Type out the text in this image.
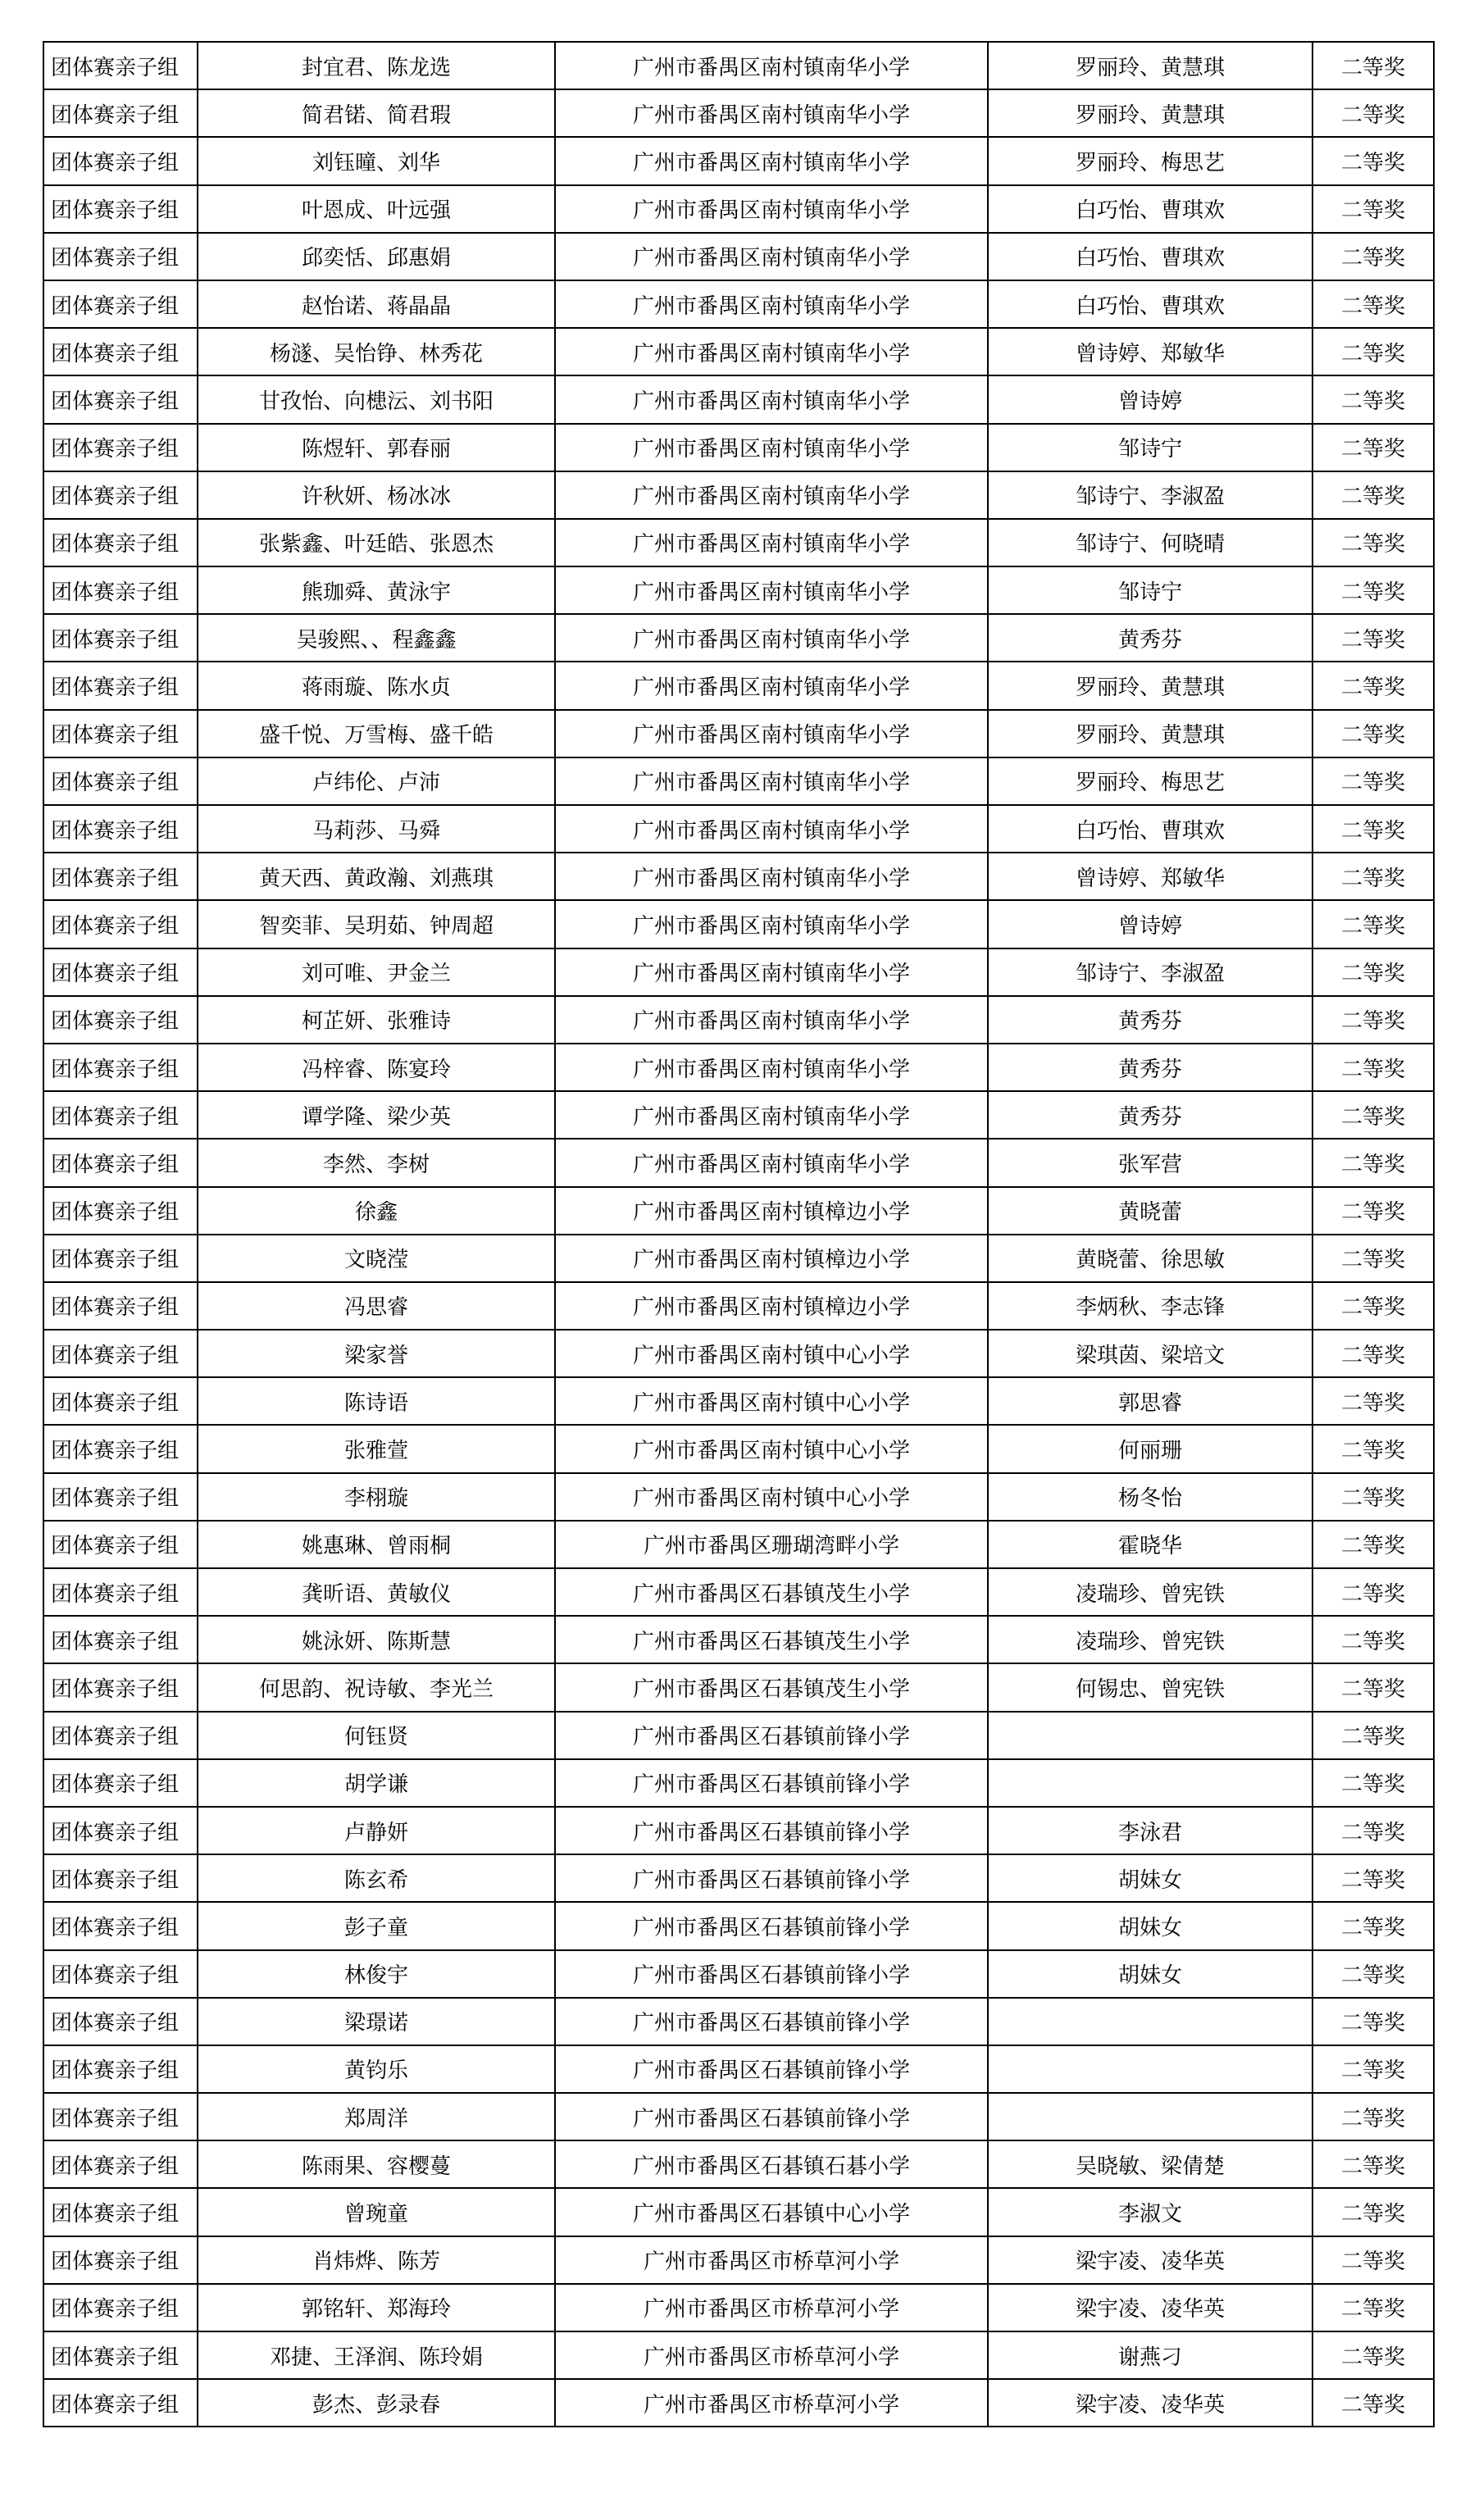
团体赛亲子组	封宜君、陈龙选	广州市番禺区南村镇南华小学	罗丽玲、黄慧琪	二等奖
团体赛亲子组	简君锘、简君瑕	广州市番禺区南村镇南华小学	罗丽玲、黄慧琪	二等奖
团体赛亲子组	刘钰曈、刘华	广州市番禺区南村镇南华小学	罗丽玲、梅思艺	二等奖
团体赛亲子组	叶恩成、叶远强	广州市番禺区南村镇南华小学	白巧怡、曹琪欢	二等奖
团体赛亲子组	邱奕恬、邱惠娟	广州市番禺区南村镇南华小学	白巧怡、曹琪欢	二等奖
团体赛亲子组	赵怡诺、蒋晶晶	广州市番禺区南村镇南华小学	白巧怡、曹琪欢	二等奖
团体赛亲子组	杨澻、吴怡铮、林秀花	广州市番禺区南村镇南华小学	曾诗婷、郑敏华	二等奖
团体赛亲子组	甘孜怡、向槵沄、刘书阳	广州市番禺区南村镇南华小学	曾诗婷	二等奖
团体赛亲子组	陈煜轩、郭春丽	广州市番禺区南村镇南华小学	邹诗宁	二等奖
团体赛亲子组	许秋妍、杨冰冰	广州市番禺区南村镇南华小学	邹诗宁、李淑盈	二等奖
团体赛亲子组	张紫鑫、叶廷皓、张恩杰	广州市番禺区南村镇南华小学	邹诗宁、何晓晴	二等奖
团体赛亲子组	熊珈舜、黄泳宇	广州市番禺区南村镇南华小学	邹诗宁	二等奖
团体赛亲子组	吴骏熙、、程鑫鑫	广州市番禺区南村镇南华小学	黄秀芬	二等奖
团体赛亲子组	蒋雨璇、陈水贞	广州市番禺区南村镇南华小学	罗丽玲、黄慧琪	二等奖
团体赛亲子组	盛千悦、万雪梅、盛千皓	广州市番禺区南村镇南华小学	罗丽玲、黄慧琪	二等奖
团体赛亲子组	卢纬伦、卢沛	广州市番禺区南村镇南华小学	罗丽玲、梅思艺	二等奖
团体赛亲子组	马莉莎、马舜	广州市番禺区南村镇南华小学	白巧怡、曹琪欢	二等奖
团体赛亲子组	黄天西、黄政瀚、刘燕琪	广州市番禺区南村镇南华小学	曾诗婷、郑敏华	二等奖
团体赛亲子组	智奕菲、吴玥茹、钟周超	广州市番禺区南村镇南华小学	曾诗婷	二等奖
团体赛亲子组	刘可唯、尹金兰	广州市番禺区南村镇南华小学	邹诗宁、李淑盈	二等奖
团体赛亲子组	柯芷妍、张雅诗	广州市番禺区南村镇南华小学	黄秀芬	二等奖
团体赛亲子组	冯梓睿、陈宴玲	广州市番禺区南村镇南华小学	黄秀芬	二等奖
团体赛亲子组	谭学隆、梁少英	广州市番禺区南村镇南华小学	黄秀芬	二等奖
团体赛亲子组	李然、李树	广州市番禺区南村镇南华小学	张军营	二等奖
团体赛亲子组	徐鑫	广州市番禺区南村镇樟边小学	黄晓蕾	二等奖
团体赛亲子组	文晓滢	广州市番禺区南村镇樟边小学	黄晓蕾、徐思敏	二等奖
团体赛亲子组	冯思睿	广州市番禺区南村镇樟边小学	李炳秋、李志锋	二等奖
团体赛亲子组	梁家誉	广州市番禺区南村镇中心小学	梁琪茵、梁培文	二等奖
团体赛亲子组	陈诗语	广州市番禺区南村镇中心小学	郭思睿	二等奖
团体赛亲子组	张雅萱	广州市番禺区南村镇中心小学	何丽珊	二等奖
团体赛亲子组	李栩璇	广州市番禺区南村镇中心小学	杨冬怡	二等奖
团体赛亲子组	姚惠琳、曾雨桐	广州市番禺区珊瑚湾畔小学	霍晓华	二等奖
团体赛亲子组	龚昕语、黄敏仪	广州市番禺区石碁镇茂生小学	凌瑞珍、曾宪铁	二等奖
团体赛亲子组	姚泳妍、陈斯慧	广州市番禺区石碁镇茂生小学	凌瑞珍、曾宪铁	二等奖
团体赛亲子组	何思韵、祝诗敏、李光兰	广州市番禺区石碁镇茂生小学	何锡忠、曾宪铁	二等奖
团体赛亲子组	何钰贤	广州市番禺区石碁镇前锋小学		二等奖
团体赛亲子组	胡学谦	广州市番禺区石碁镇前锋小学		二等奖
团体赛亲子组	卢静妍	广州市番禺区石碁镇前锋小学	李泳君	二等奖
团体赛亲子组	陈玄希	广州市番禺区石碁镇前锋小学	胡妹女	二等奖
团体赛亲子组	彭子童	广州市番禺区石碁镇前锋小学	胡妹女	二等奖
团体赛亲子组	林俊宇	广州市番禺区石碁镇前锋小学	胡妹女	二等奖
团体赛亲子组	梁璟诺	广州市番禺区石碁镇前锋小学		二等奖
团体赛亲子组	黄钧乐	广州市番禺区石碁镇前锋小学		二等奖
团体赛亲子组	郑周洋	广州市番禺区石碁镇前锋小学		二等奖
团体赛亲子组	陈雨果、容樱蔓	广州市番禺区石碁镇石碁小学	吴晓敏、梁倩楚	二等奖
团体赛亲子组	曾琬童	广州市番禺区石碁镇中心小学	李淑文	二等奖
团体赛亲子组	肖炜烨、陈芳	广州市番禺区市桥草河小学	梁宇凌、凌华英	二等奖
团体赛亲子组	郭铭轩、郑海玲	广州市番禺区市桥草河小学	梁宇凌、凌华英	二等奖
团体赛亲子组	邓捷、王泽润、陈玲娟	广州市番禺区市桥草河小学	谢燕刁	二等奖
团体赛亲子组	彭杰、彭录春	广州市番禺区市桥草河小学	梁宇凌、凌华英	二等奖
